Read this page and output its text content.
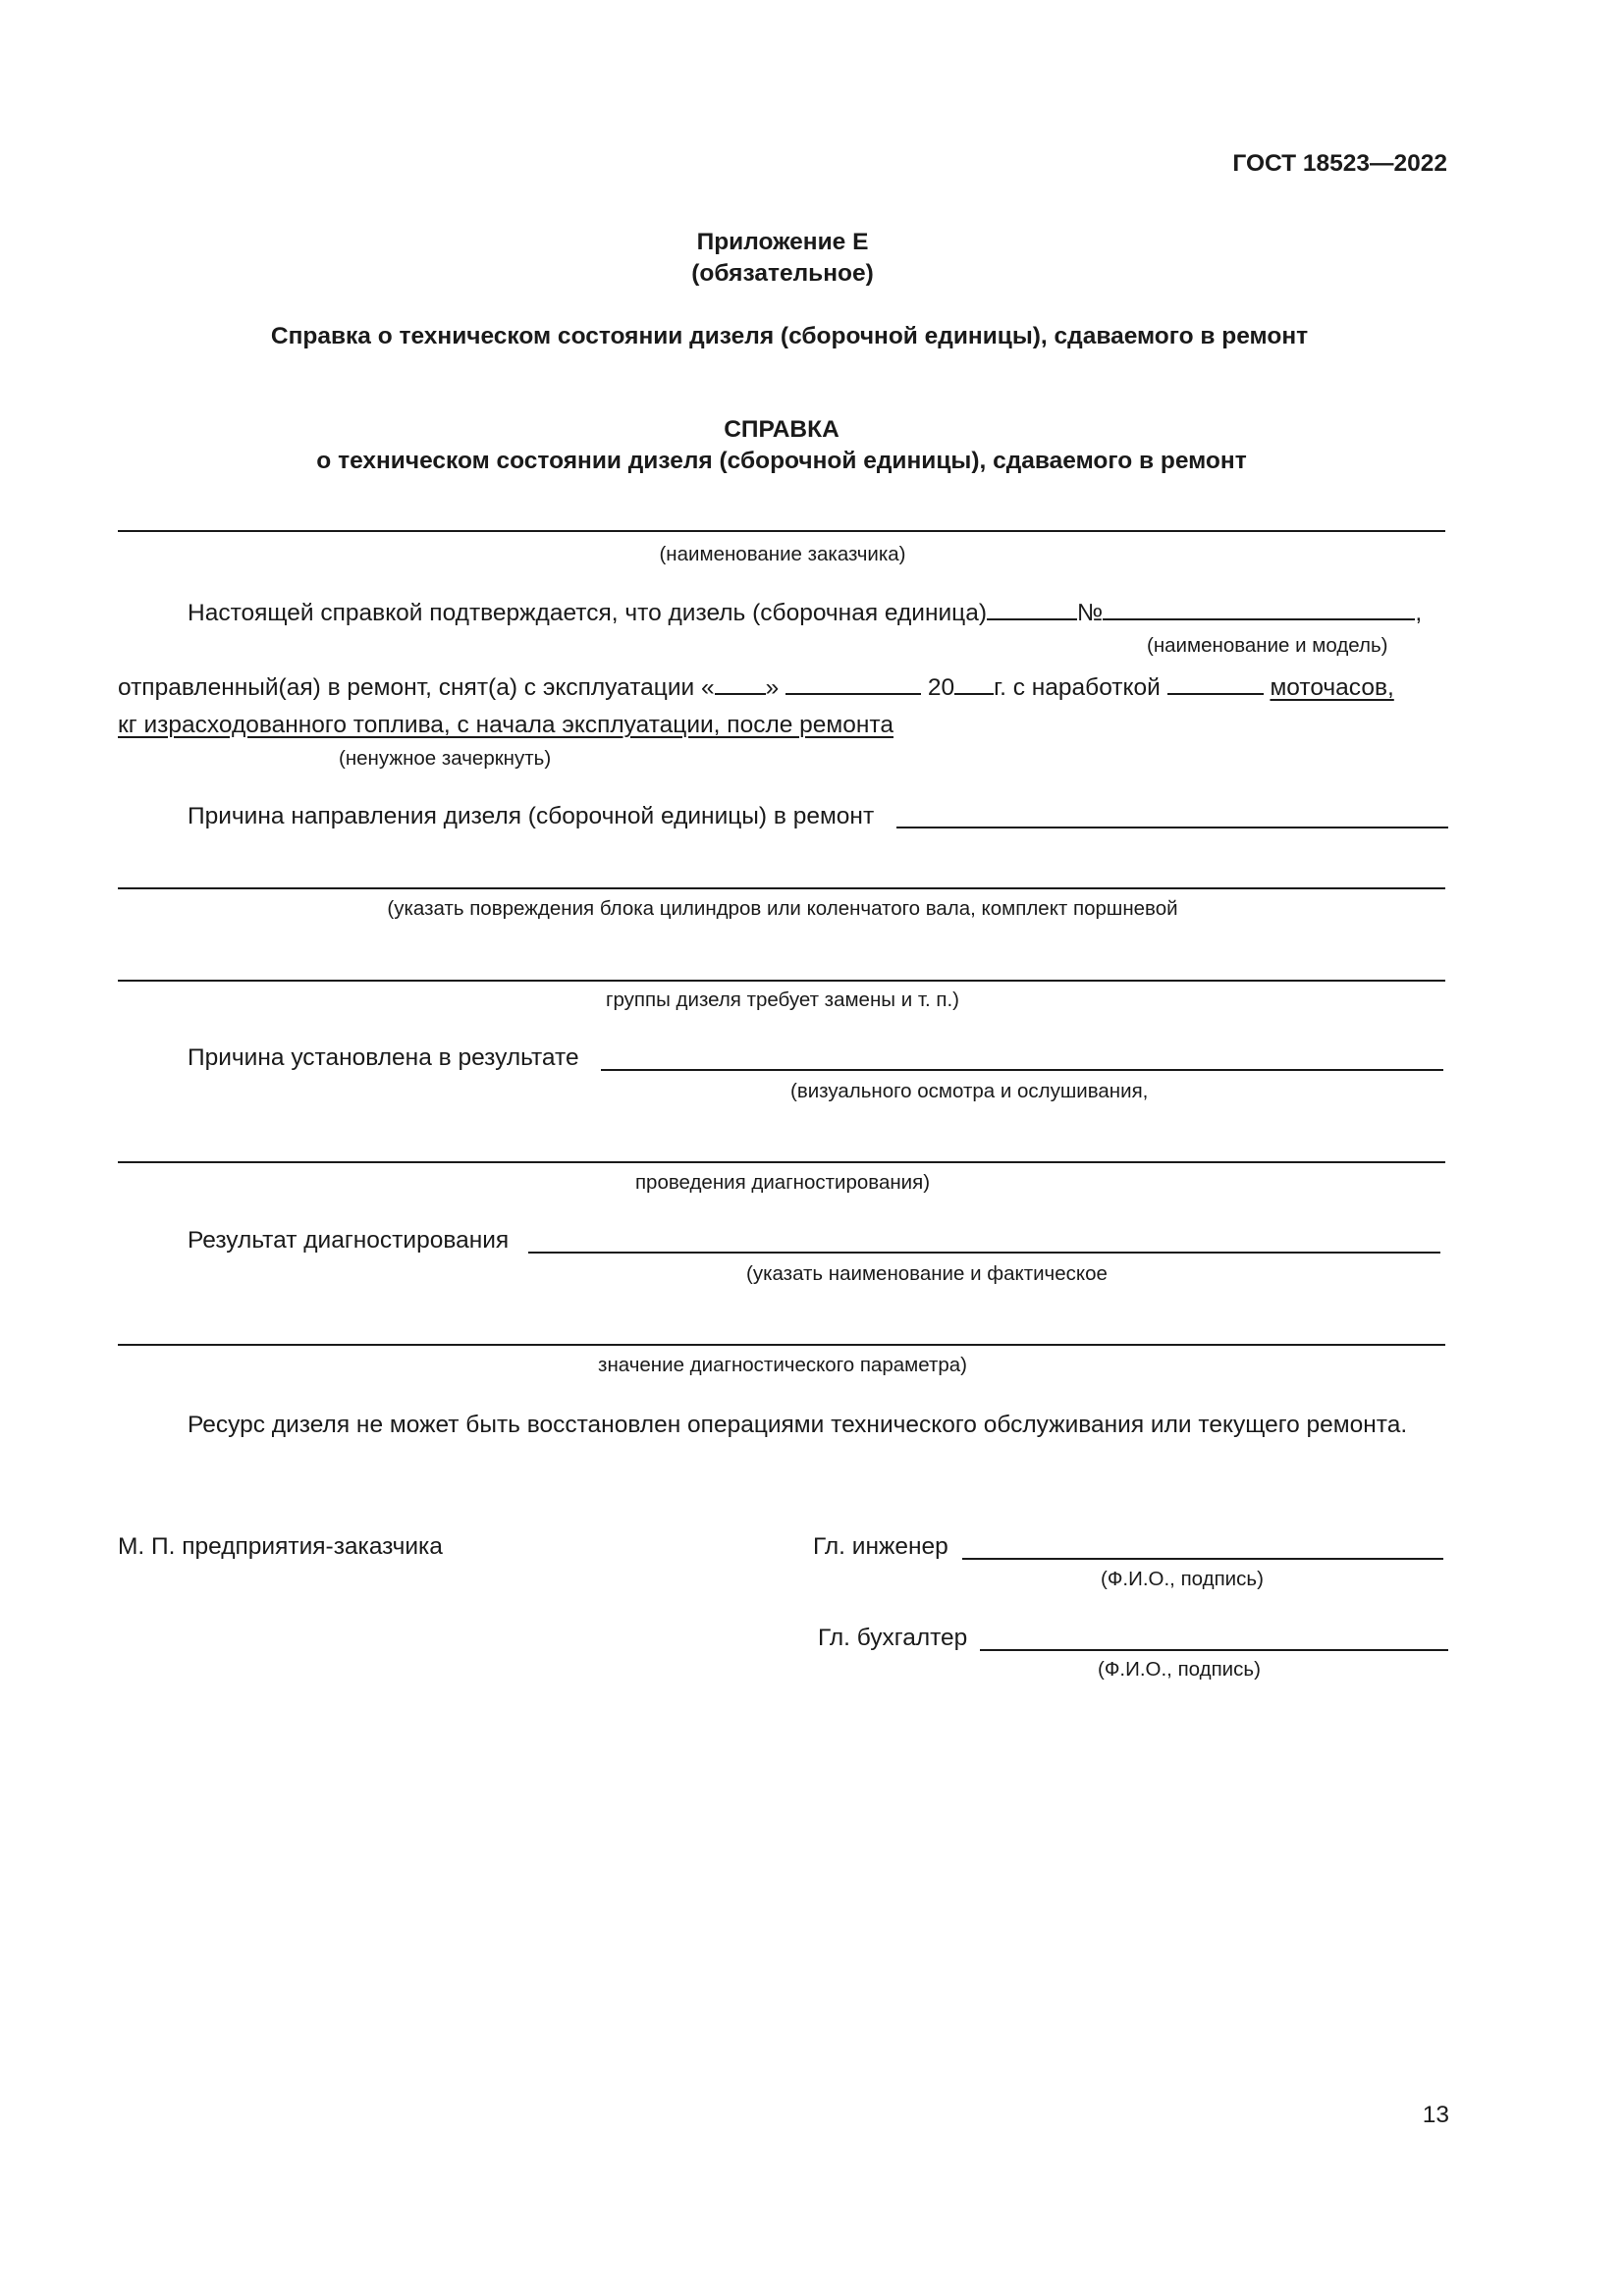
ГОСТ 18523—2022
Приложение Е
(обязательное)
Справка о техническом состоянии дизеля (сборочной единицы), сдаваемого в ремонт
СПРАВКА
о техническом состоянии дизеля (сборочной единицы), сдаваемого в ремонт
(наименование заказчика)
Настоящей справкой подтверждается, что дизель (сборочная единица)	№	,
(наименование и модель)
отправленный(ая) в ремонт, снят(а) с эксплуатации « »	20 г. с наработкой	моточасов,
кг израсходованного топлива, с начала эксплуатации, после ремонта
(ненужное зачеркнуть)
Причина направления дизеля (сборочной единицы) в ремонт
(указать повреждения блока цилиндров или коленчатого вала, комплект поршневой
группы дизеля требует замены и т. п.)
Причина установлена в результате
(визуального осмотра и ослушивания,
проведения диагностирования)
Результат диагностирования
(указать наименование и фактическое
значение диагностического параметра)
Ресурс дизеля не может быть восстановлен операциями технического обслуживания или текущего ремонта.
М. П. предприятия-заказчика	Гл. инженер
(Ф.И.О., подпись)
Гл. бухгалтер
(Ф.И.О., подпись)
13
